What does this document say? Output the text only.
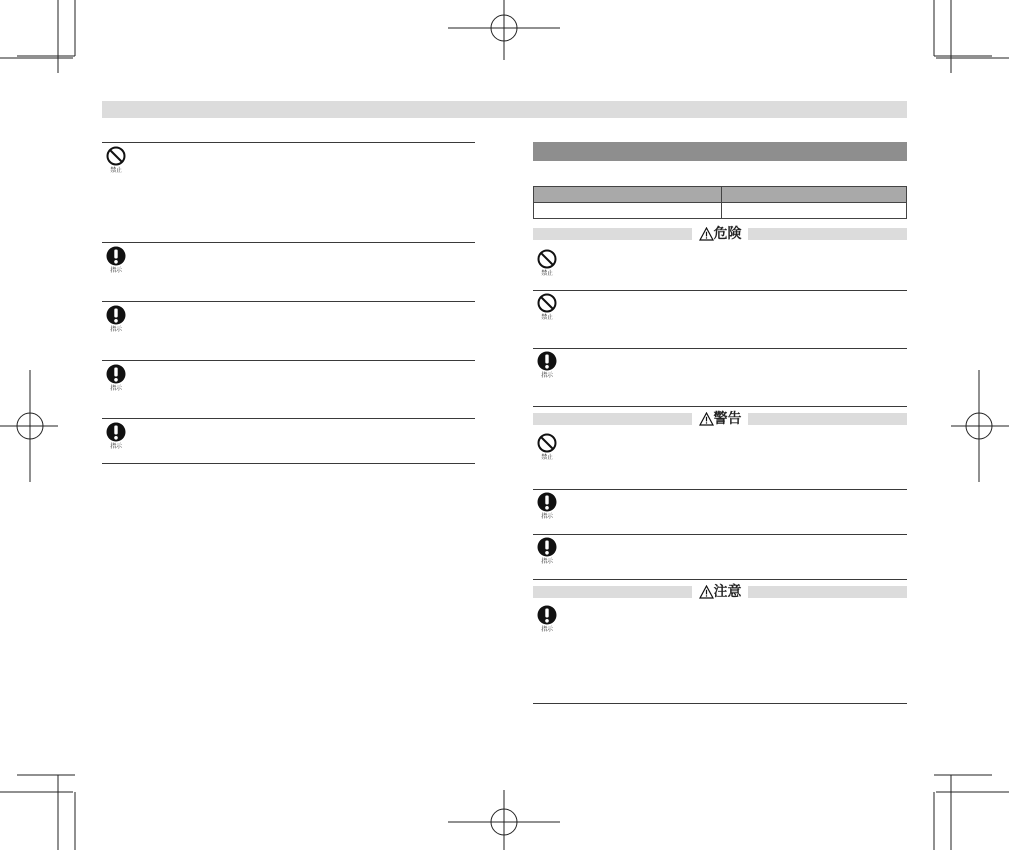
禁止
指示
指示
指示
指示

危険
禁止
禁止
指示
警告
禁止
指示
指示
注意
指示
